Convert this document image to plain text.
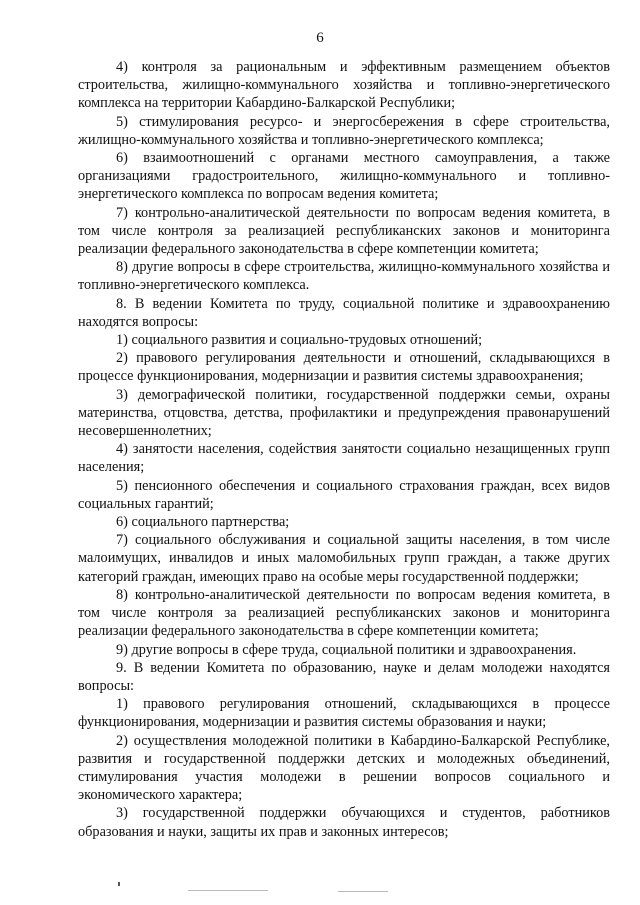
6

4) контроля за рациональным и эффективным размещением объектов строительства, жилищно-коммунального хозяйства и топливно-энергетического комплекса на территории Кабардино-Балкарской Республики;

5) стимулирования ресурсо- и энергосбережения в сфере строительства, жилищно-коммунального хозяйства и топливно-энергетического комплекса;

6) взаимоотношений с органами местного самоуправления, а также организациями градостроительного, жилищно-коммунального и топливно-энергетического комплекса по вопросам ведения комитета;

7) контрольно-аналитической деятельности по вопросам ведения комитета, в том числе контроля за реализацией республиканских законов и мониторинга реализации федерального законодательства в сфере компетенции комитета;

8) другие вопросы в сфере строительства, жилищно-коммунального хозяйства и топливно-энергетического комплекса.

8. В ведении Комитета по труду, социальной политике и здравоохранению находятся вопросы:

1) социального развития и социально-трудовых отношений;

2) правового регулирования деятельности и отношений, складывающихся в процессе функционирования, модернизации и развития системы здравоохранения;

3) демографической политики, государственной поддержки семьи, охраны материнства, отцовства, детства, профилактики и предупреждения правонарушений несовершеннолетних;

4) занятости населения, содействия занятости социально незащищенных групп населения;

5) пенсионного обеспечения и социального страхования граждан, всех видов социальных гарантий;

6) социального партнерства;

7) социального обслуживания и социальной защиты населения, в том числе малоимущих, инвалидов и иных маломобильных групп граждан, а также других категорий граждан, имеющих право на особые меры государственной поддержки;

8) контрольно-аналитической деятельности по вопросам ведения комитета, в том числе контроля за реализацией республиканских законов и мониторинга реализации федерального законодательства в сфере компетенции комитета;

9) другие вопросы в сфере труда, социальной политики и здравоохранения.

9. В ведении Комитета по образованию, науке и делам молодежи находятся вопросы:

1) правового регулирования отношений, складывающихся в процессе функционирования, модернизации и развития системы образования и науки;

2) осуществления молодежной политики в Кабардино-Балкарской Республике, развития и государственной поддержки детских и молодежных объединений, стимулирования участия молодежи в решении вопросов социального и экономического характера;

3) государственной поддержки обучающихся и студентов, работников образования и науки, защиты их прав и законных интересов;
